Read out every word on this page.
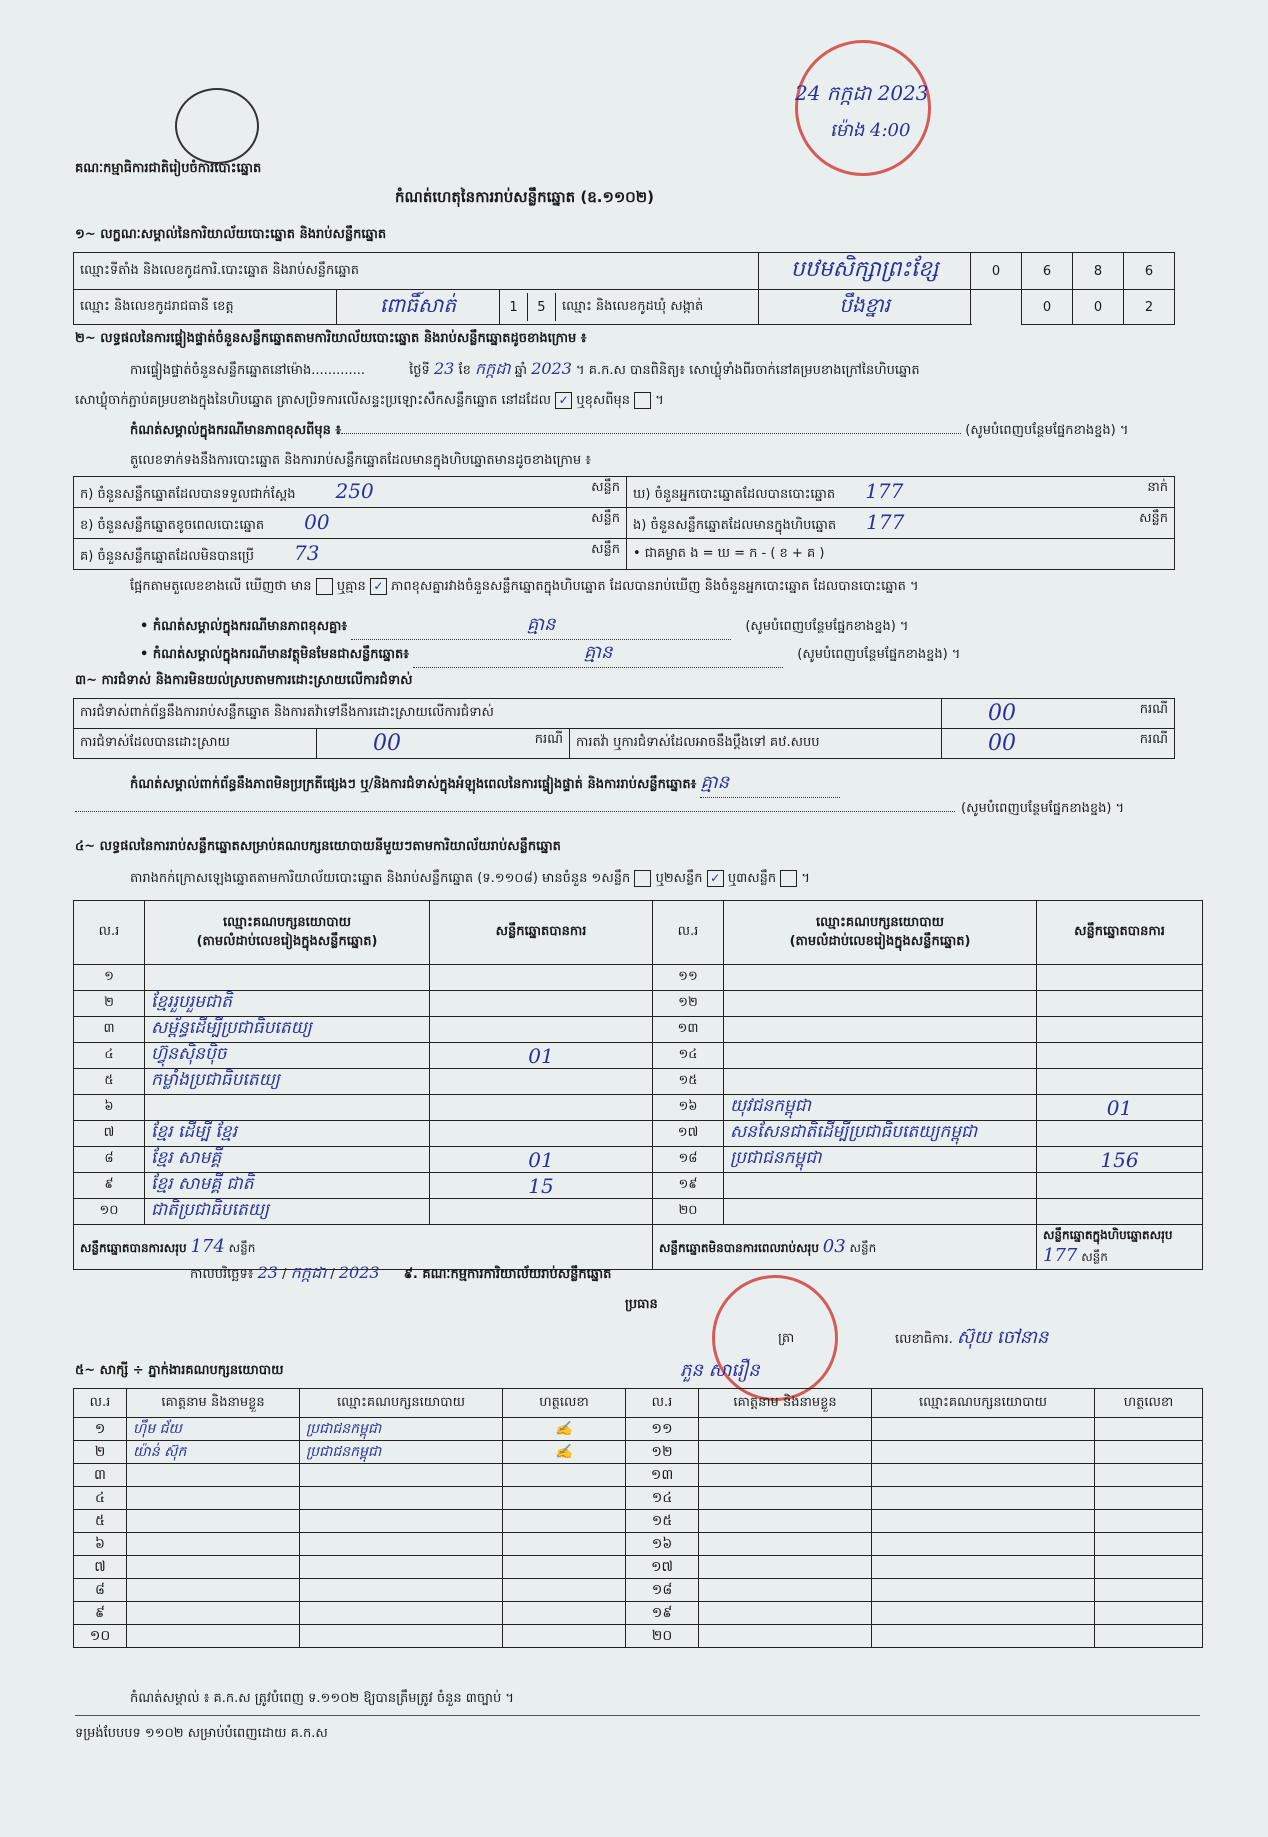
គណៈកម្មាធិការជាតិរៀបចំការបោះឆ្នោត
កំណត់ហេតុនៃការរាប់សន្លឹកឆ្នោត (ឧ.១១០២)
24 កក្កដា 2023
ម៉ោង 4:00
១~ លក្ខណៈសម្គាល់នៃការិយាល័យបោះឆ្នោត និងរាប់សន្លឹកឆ្នោត
ឈ្មោះទីតាំង និងលេខកូដការិ.បោះឆ្នោត និងរាប់សន្លឹកឆ្នោត	បឋមសិក្សាព្រះខ្សែ	0	6	8	6
ឈ្មោះ និងលេខកូដរាជធានី ខេត្ត	ពោធិ៍សាត់		1	5	ឈ្មោះ និងលេខកូដឃុំ សង្កាត់
		បឹងខ្នារ		0	0	2
២~ លទ្ធផលនៃការផ្ទៀងផ្ទាត់ចំនួនសន្លឹកឆ្នោតតាមការិយាល័យបោះឆ្នោត និងរាប់សន្លឹកឆ្នោតដូចខាងក្រោម ៖
ការផ្ទៀងផ្ទាត់ចំនួនសន្លឹកឆ្នោតនៅម៉ោង.............	ថ្ងៃទី 23 ខែ កក្កដា ឆ្នាំ 2023 ។ គ.ក.ស បានពិនិត្យ៖ សោឃ្លុំទាំងពីរចាក់នៅគម្របខាងក្រៅនៃហិបឆ្នោត
សោឃ្លុំចាក់ភ្ជាប់គម្របខាងក្នុងនៃហិបឆ្នោត ត្រាសប្រិទការលើសន្ទះប្រឡោះសឹកសន្លឹកឆ្នោត នៅដដែល ✓ ឬខុសពីមុន  ។
កំណត់សម្គាល់ក្នុងករណីមានភាពខុសពីមុន ៖	(សូមបំពេញបន្ថែមផ្នែកខាងខ្នង) ។
តួលេខទាក់ទងនឹងការបោះឆ្នោត និងការរាប់សន្លឹកឆ្នោតដែលមានក្នុងហិបឆ្នោតមានដូចខាងក្រោម ៖
ក) ចំនួនសន្លឹកឆ្នោតដែលបានទទួលជាក់ស្ដែង 250 សន្លឹក	ឃ) ចំនួនអ្នកបោះឆ្នោតដែលបានបោះឆ្នោត 177 នាក់

ខ) ចំនួនសន្លឹកឆ្នោតខូចពេលបោះឆ្នោត 00 សន្លឹក	ង) ចំនួនសន្លឹកឆ្នោតដែលមានក្នុងហិបឆ្នោត 177 សន្លឹក

គ) ចំនួនសន្លឹកឆ្នោតដែលមិនបានប្រើ 73 សន្លឹក	• ជាគម្លាត ង = ឃ = ក - ( ខ + គ )
ផ្អែកតាមតួលេខខាងលើ ឃើញថា មាន ឬគ្មាន ✓ ភាពខុសគ្នារវាងចំនួនសន្លឹកឆ្នោតក្នុងហិបឆ្នោត ដែលបានរាប់ឃើញ និងចំនួនអ្នកបោះឆ្នោត ដែលបានបោះឆ្នោត ។
• កំណត់សម្គាល់ក្នុងករណីមានភាពខុសគ្នា៖	គ្មាន	(សូមបំពេញបន្ថែមផ្នែកខាងខ្នង) ។
• កំណត់សម្គាល់ក្នុងករណីមានវត្ថុមិនមែនជាសន្លឹកឆ្នោត៖	គ្មាន	(សូមបំពេញបន្ថែមផ្នែកខាងខ្នង) ។
៣~ ការជំទាស់ និងការមិនយល់ស្របតាមការដោះស្រាយលើការជំទាស់
ការជំទាស់ពាក់ព័ន្ធនឹងការរាប់សន្លឹកឆ្នោត និងការតវ៉ាទៅនឹងការដោះស្រាយលើការជំទាស់			00 ករណី

ការជំទាស់ដែលបានដោះស្រាយ	00 ករណី	ការតវ៉ា ឬការជំទាស់ដែលអាចនឹងប្ដឹងទៅ គឋ.សបប	00 ករណី
កំណត់សម្គាល់ពាក់ព័ន្ធនឹងភាពមិនប្រក្រតីផ្សេងៗ ឬ/និងការជំទាស់ក្នុងអំឡុងពេលនៃការផ្ទៀងផ្ទាត់ និងការរាប់សន្លឹកឆ្នោត៖ គ្មាន
(សូមបំពេញបន្ថែមផ្នែកខាងខ្នង) ។
៤~ លទ្ធផលនៃការរាប់សន្លឹកឆ្នោតសម្រាប់គណបក្សនយោបាយនីមួយៗតាមការិយាល័យរាប់សន្លឹកឆ្នោត
តារាងកក់ក្រោសឡេងឆ្នោតតាមការិយាល័យបោះឆ្នោត និងរាប់សន្លឹកឆ្នោត (ទ.១១០៨) មានចំនួន ១សន្លឹក ឬ២សន្លឹក ✓ ឬ៣សន្លឹក  ។
ល.រ	ឈ្មោះគណបក្សនយោបាយ
(តាមលំដាប់លេខរៀងក្នុងសន្លឹកឆ្នោត)	សន្លឹកឆ្នោតបានការ	ល.រ	ឈ្មោះគណបក្សនយោបាយ
(តាមលំដាប់លេខរៀងក្នុងសន្លឹកឆ្នោត)	សន្លឹកឆ្នោតបានការ
១			១១		
២	ខ្មែររួបរួមជាតិ		១២		
៣	សម្ព័ន្ធដើម្បីប្រជាធិបតេយ្យ		១៣		
៤	ហ៊្វុនស៊ិនប៉ិច	01	១៤		
៥	កម្លាំងប្រជាធិបតេយ្យ		១៥		
៦			១៦	យុវជនកម្ពុជា	01
៧	ខ្មែរ ដើម្បី ខ្មែរ		១៧	សនសែនជាតិដើម្បីប្រជាធិបតេយ្យកម្ពុជា	
៨	ខ្មែរ សាមគ្គី	01	១៨	ប្រជាជនកម្ពុជា	156
៩	ខ្មែរ សាមគ្គី ជាតិ	15	១៩		
១០	ជាតិប្រជាធិបតេយ្យ		២០		
សន្លឹកឆ្នោតបានការសរុប 174 សន្លឹក			សន្លឹកឆ្នោតមិនបានការពេលរាប់សរុប 03 សន្លឹក		សន្លឹកឆ្នោតក្នុងហិបឆ្នោតសរុប 177 សន្លឹក
កាលបរិច្ឆេទ៖ 23 / កក្កដា / 2023 ៩. គណៈកម្មការការិយាល័យរាប់សន្លឹកឆ្នោត
ប្រធាន
ត្រា
ភួន សារឿន
លេខាធិការ. ស៊ុយ ចៅនាន
៥~ សាក្សី ÷ ភ្នាក់ងារគណបក្សនយោបាយ
ល.រ	គោត្តនាម និងនាមខ្លួន	ឈ្មោះគណបក្សនយោបាយ	ហត្ថលេខា	ល.រ	គោត្តនាម និងនាមខ្លួន	ឈ្មោះគណបក្សនយោបាយ	ហត្ថលេខា
១	ហ៊ឹម ជ័យ	ប្រជាជនកម្ពុជា	✍	១១			
២	យ៉ាន់ ស៊ុក	ប្រជាជនកម្ពុជា	✍	១២			
៣				១៣			
៤				១៤			
៥				១៥			
៦				១៦			
៧				១៧			
៨				១៨			
៩				១៩			
១០				២០			
កំណត់សម្គាល់ ៖ គ.ក.ស ត្រូវបំពេញ ទ.១១០២ ឱ្យបានត្រឹមត្រូវ ចំនួន ៣ច្បាប់ ។
ទម្រង់បែបបទ ១១០២ សម្រាប់បំពេញដោយ គ.ក.ស
